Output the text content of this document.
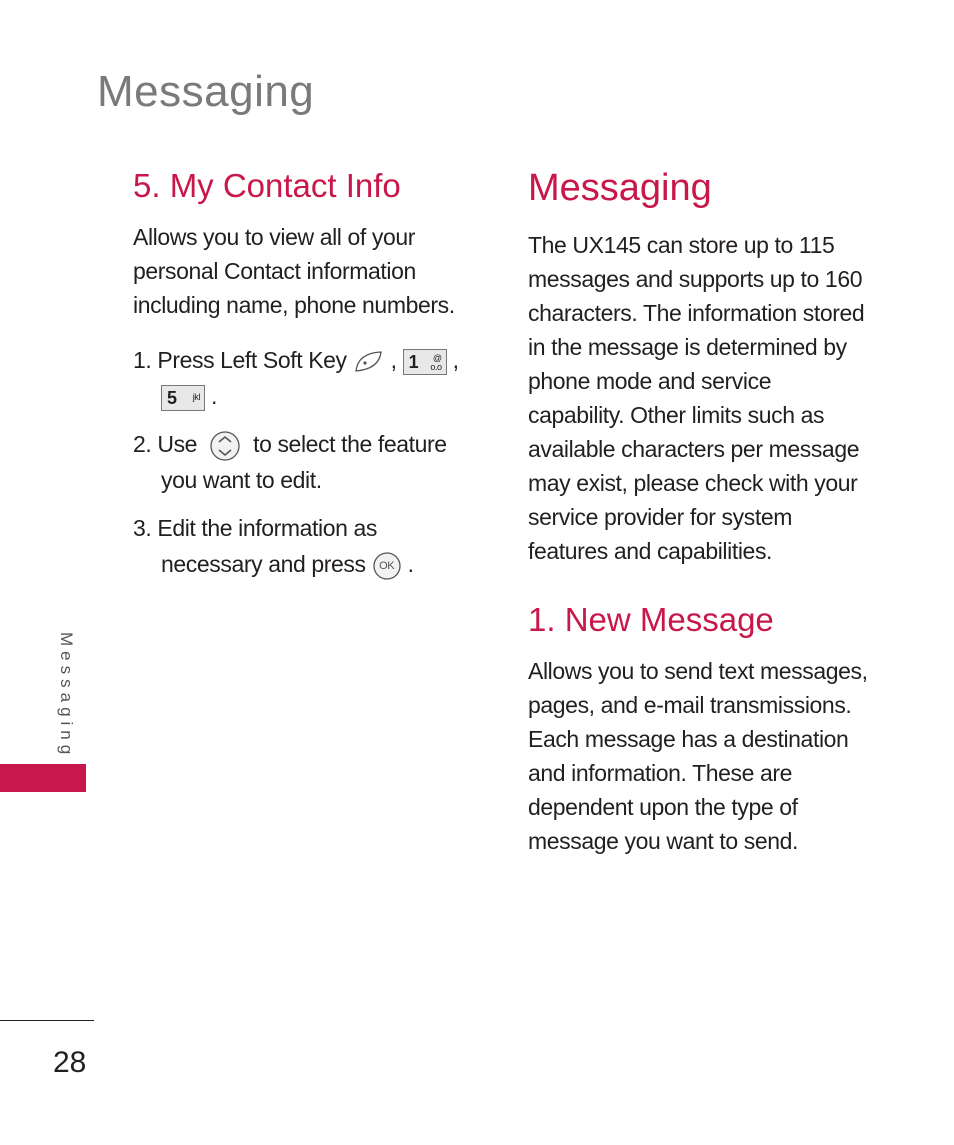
Messaging
5. My Contact Info

Allows you to view all of your personal Contact information including name, phone numbers.

1. Press Left Soft Key , 1 @
o.o ,
5 jkl .
2. Use to select the feature
you want to edit.
3. Edit the information as
necessary and press	OK .
Messaging

The UX145 can store up to 115 messages and supports up to 160 characters. The information stored in the message is determined by phone mode and service capability. Other limits such as available characters per message may exist, please check with your service provider for system features and capabilities.

1. New Message

Allows you to send text messages, pages, and e-mail transmissions. Each message has a destination and information. These are dependent upon the type of message you want to send.

Messaging
28
